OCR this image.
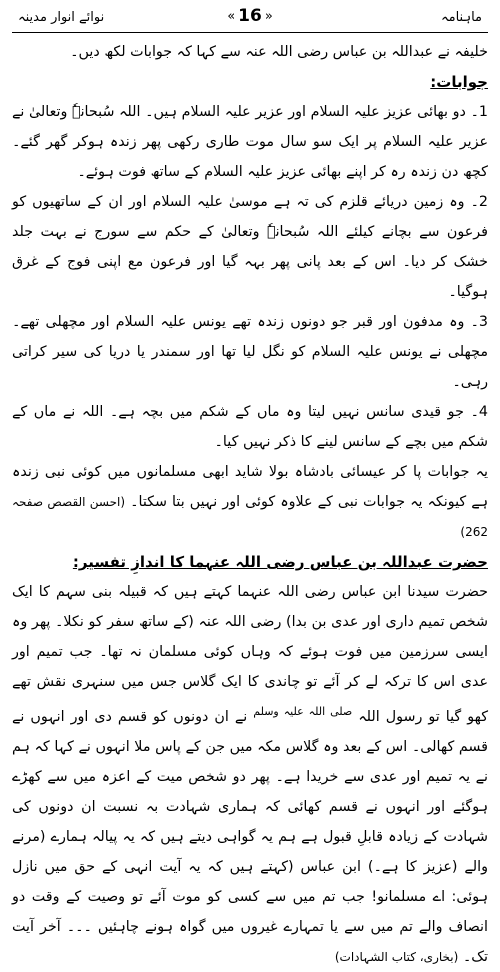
نوائے انوار مدینہ	« 16 »	ماہنامہ

خلیفہ نے عبداللہ بن عباس رضی اللہ عنہ سے کہا کہ جوابات لکھ دیں۔

جوابات:

1۔ دو بھائی عزیز علیہ السلام اور عزیر علیہ السلام ہیں۔ اللہ سُبحانہٗ وتعالیٰ نے عزیر علیہ السلام پر ایک سو سال موت طاری رکھی پھر زندہ ہوکر گھر گئے۔ کچھ دن زندہ رہ کر اپنے بھائی عزیز علیہ السلام کے ساتھ فوت ہوئے۔

2۔ وہ زمین دریائے قلزم کی تہ ہے موسیٰ علیہ السلام اور ان کے ساتھیوں کو فرعون سے بچانے کیلئے اللہ سُبحانہٗ وتعالیٰ کے حکم سے سورج نے بہت جلد خشک کر دیا۔ اس کے بعد پانی پھر بہہ گیا اور فرعون مع اپنی فوج کے غرق ہوگیا۔

3۔ وہ مدفون اور قبر جو دونوں زندہ تھے یونس علیہ السلام اور مچھلی تھے۔ مچھلی نے یونس علیہ السلام کو نگل لیا تھا اور سمندر یا دریا کی سیر کراتی رہی۔

4۔ جو قیدی سانس نہیں لیتا وہ ماں کے شکم میں بچہ ہے۔ اللہ نے ماں کے شکم میں بچے کے سانس لینے کا ذکر نہیں کیا۔

یہ جوابات پا کر عیسائی بادشاہ بولا شاید ابھی مسلمانوں میں کوئی نبی زندہ ہے کیونکہ یہ جوابات نبی کے علاوہ کوئی اور نہیں بتا سکتا۔ (احسن القصص صفحہ 262)

حضرت عبداللہ بن عباس رضی اللہ عنہما کا اندازِ تفسیر:

حضرت سیدنا ابن عباس رضی اللہ عنہما کہتے ہیں کہ قبیلہ بنی سہم کا ایک شخص تمیم داری اور عدی بن بدا) رضی اللہ عنہ (کے ساتھ سفر کو نکلا۔ پھر وہ ایسی سرزمین میں فوت ہوئے کہ وہاں کوئی مسلمان نہ تھا۔ جب تمیم اور عدی اس کا ترکہ لے کر آئے تو چاندی کا ایک گلاس جس میں سنہری نقش تھے کھو گیا تو رسول اللہ $^{صلی اللہ علیہ وسلم}$ نے ان دونوں کو قسم دی اور انہوں نے قسم کھالی۔ اس کے بعد وہ گلاس مکہ میں جن کے پاس ملا انہوں نے کہا کہ ہم نے یہ تمیم اور عدی سے خریدا ہے۔ پھر دو شخص میت کے اعزہ میں سے کھڑے ہوگئے اور انہوں نے قسم کھائی کہ ہماری شہادت بہ نسبت ان دونوں کی شہادت کے زیادہ قابلِ قبول ہے ہم یہ گواہی دیتے ہیں کہ یہ پیالہ ہمارے (مرنے والے (عزیز کا ہے۔) ابن عباس (کہتے ہیں کہ یہ آیت انہی کے حق میں نازل ہوئی: اے مسلمانو! جب تم میں سے کسی کو موت آئے تو وصیت کے وقت دو انصاف والے تم میں سے یا تمہارے غیروں میں گواہ ہونے چاہئیں ۔۔۔ آخر آیت تک۔ (بخاری، کتاب الشہادات)
